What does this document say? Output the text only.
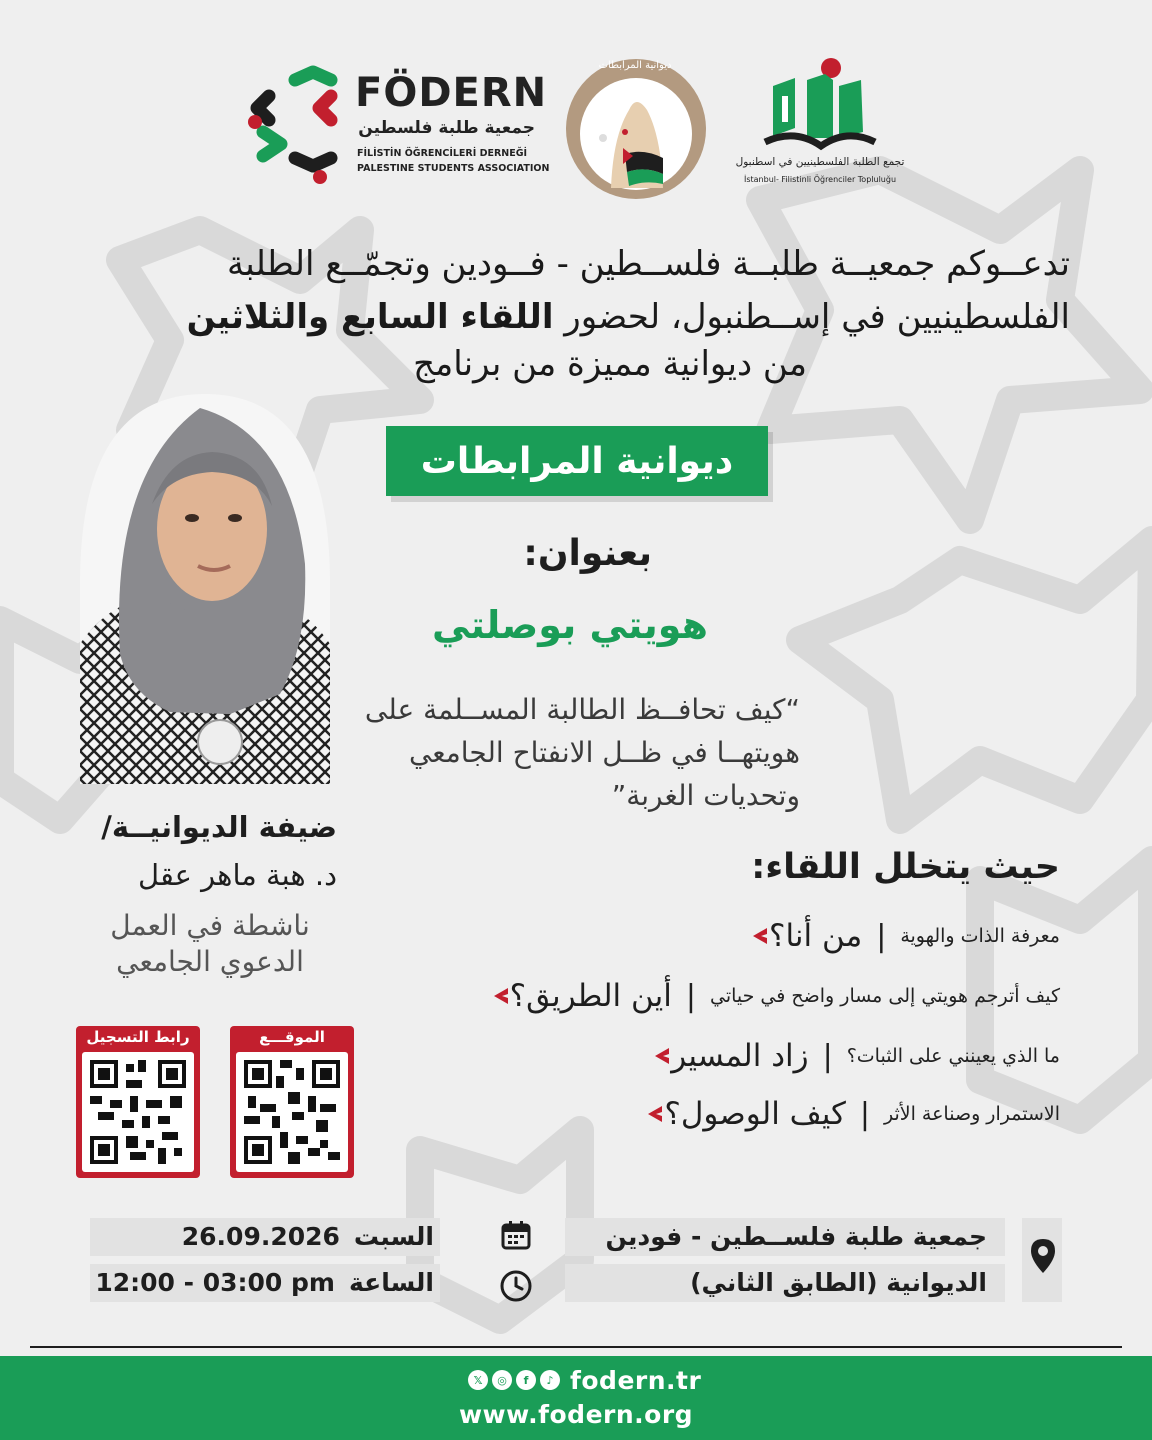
FÖDERN
جمعية طلبة فلسطين
FİLİSTİN ÖĞRENCİLERİ DERNEĞİ
PALESTINE STUDENTS ASSOCIATION
ديوانية المرابطات
تجمع الطلبة الفلسطينيين في اسطنبول
İstanbul- Filistinli Öğrenciler Topluluğu
تدعــوكم جمعيــة طلبــة فلســطين - فــودين وتجمّــع الطلبة
الفلسطينيين في إســطنبول، لحضور اللقاء السابع والثلاثين
من ديوانية مميزة من برنامج
ديوانية المرابطات
بعنوان:
هويتي بوصلتي
“كيف تحافــظ الطالبة المســلمة على هويتهــا في ظــل الانفتاح الجامعي وتحديات الغربة”
ضيفة الديوانيــة/
د. هبة ماهر عقل
ناشطة في العمل الدعوي الجامعي
حيث يتخلل اللقاء:
من أنا؟ | معرفة الذات والهوية
أين الطريق؟ | كيف أترجم هويتي إلى مسار واضح في حياتي
زاد المسير | ما الذي يعينني على الثبات؟
كيف الوصول؟ | الاستمرار وصناعة الأثر
رابط التسجيل	الموقـــع
السبت
26.09.2026
الساعة
12:00 - 03:00 pm
جمعية طلبة فلســطين - فودين
الديوانية (الطابق الثاني)
𝕏	◎	f	♪ fodern.tr
www.fodern.org
